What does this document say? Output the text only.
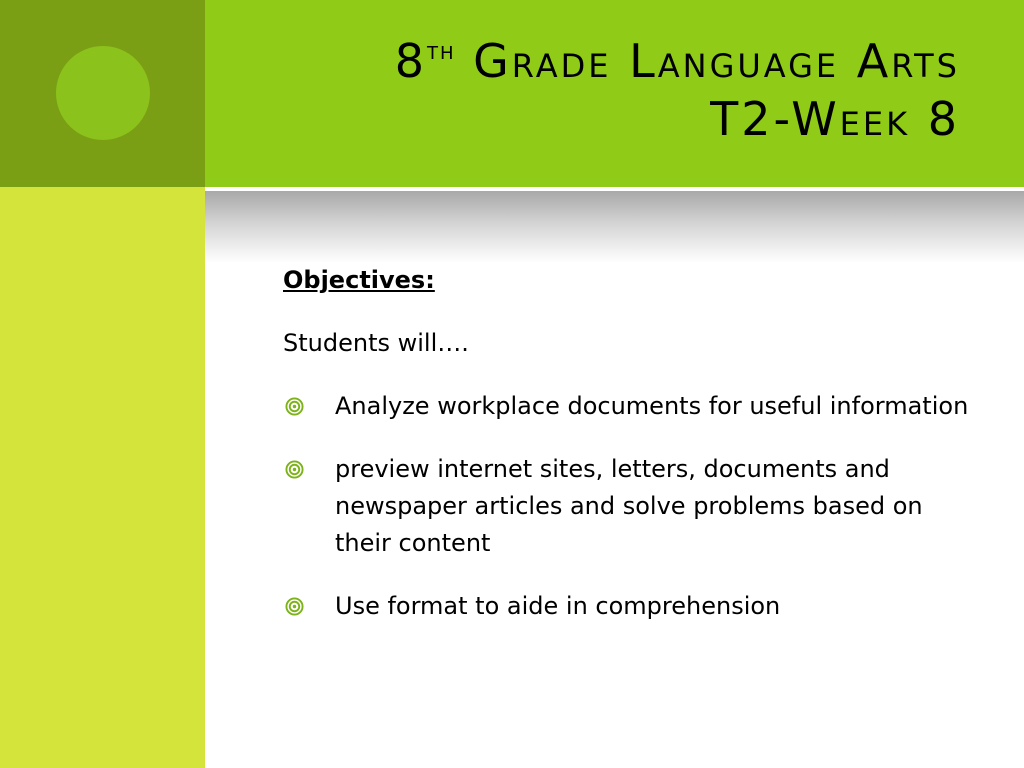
8th Grade Language Arts
T2-Week 8
Objectives:
Students will….
Analyze workplace documents for useful information
preview internet sites, letters, documents and newspaper articles and solve problems based on their content
Use format to aide in comprehension
